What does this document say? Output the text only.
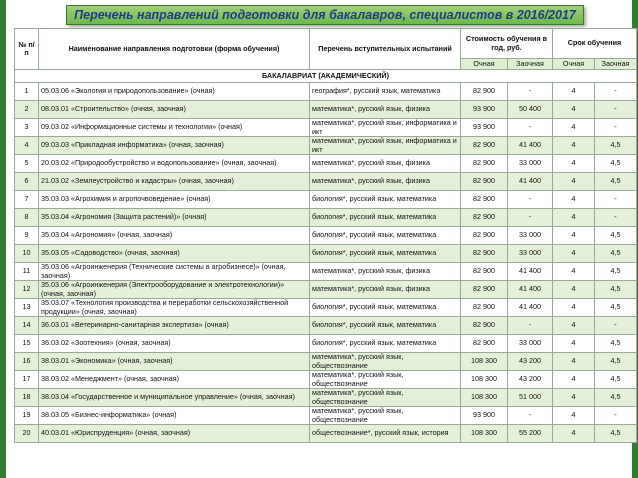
Перечень направлений подготовки для бакалавров, специалистов в 2016/2017
№ п/п	Наименование направления подготовки (форма обучения)	Перечень вступительных испытаний	Стоимость обучения в год, руб.		Срок обучения	
			Очная	Заочная	Очная	Заочная
БАКАЛАВРИАТ (АКАДЕМИЧЕСКИЙ)						
1	05.03.06 «Экология и природопользование» (очная)	география*, русский язык, математика	82 900	-	4	-
2	08.03.01 «Строительство» (очная, заочная)	математика*, русский язык, физика	93 900	50 400	4	-
3	09.03.02 «Информационные системы и технологии» (очная)	математика*, русский язык, информатика и икт	93 900	-	4	-
4	09.03.03 «Прикладная информатика» (очная, заочная)	математика*, русский язык, информатика и икт	82 900	41 400	4	4,5
5	20.03.02 «Природообустройство и водопользование» (очная, заочная)	математика*, русский язык, физика	82 900	33 000	4	4,5
6	21.03.02 «Землеустройство и кадастры» (очная, заочная)	математика*, русский язык, физика	82 900	41 400	4	4,5
7	35.03.03 «Агрохимия и агропочвоведение» (очная)	биология*, русский язык, математика	82 900	-	4	-
8	35.03.04 «Агрономия (Защита растений)» (очная)	биология*, русский язык, математика	82 900	-	4	-
9	35.03.04 «Агрономия» (очная, заочная)	биология*, русский язык, математика	82 900	33 000	4	4,5
10	35.03.05 «Садоводство» (очная, заочная)	биология*, русский язык, математика	82 900	33 000	4	4,5
11	35.03.06 «Агроинженерия (Технические системы в агробизнесе)» (очная, заочная)	математика*, русский язык, физика	82 900	41 400	4	4,5
12	35.03.06 «Агроинженерия (Электрооборудование и электротехнологии)» (очная, заочная)	математика*, русский язык, физика	82 900	41 400	4	4,5
13	35.03.07 «Технология производства и переработки сельскохозяйственной продукции» (очная, заочная)	биология*, русский язык, математика	82 900	41 400	4	4,5
14	36.03.01 «Ветеринарно-санитарная экспертиза» (очная)	биология*, русский язык, математика	82 900	-	4	-
15	36.03.02 «Зоотехния» (очная, заочная)	биология*, русский язык, математика	82 900	33 000	4	4,5
16	38.03.01 «Экономика» (очная, заочная)	математика*, русский язык, обществознание	108 300	43 200	4	4,5
17	38.03.02 «Менеджмент» (очная, заочная)	математика*, русский язык, обществознание	108 300	43 200	4	4,5
18	38.03.04 «Государственное и муниципальное управление» (очная, заочная)	математика*, русский язык, обществознание	108 300	51 000	4	4,5
19	38.03.05 «Бизнес-информатика» (очная)	математика*, русский язык, обществознание	93 900	-	4	-
20	40.03.01 «Юриспруденция» (очная, заочная)	обществознание*, русский язык, история	108 300	55 200	4	4,5
